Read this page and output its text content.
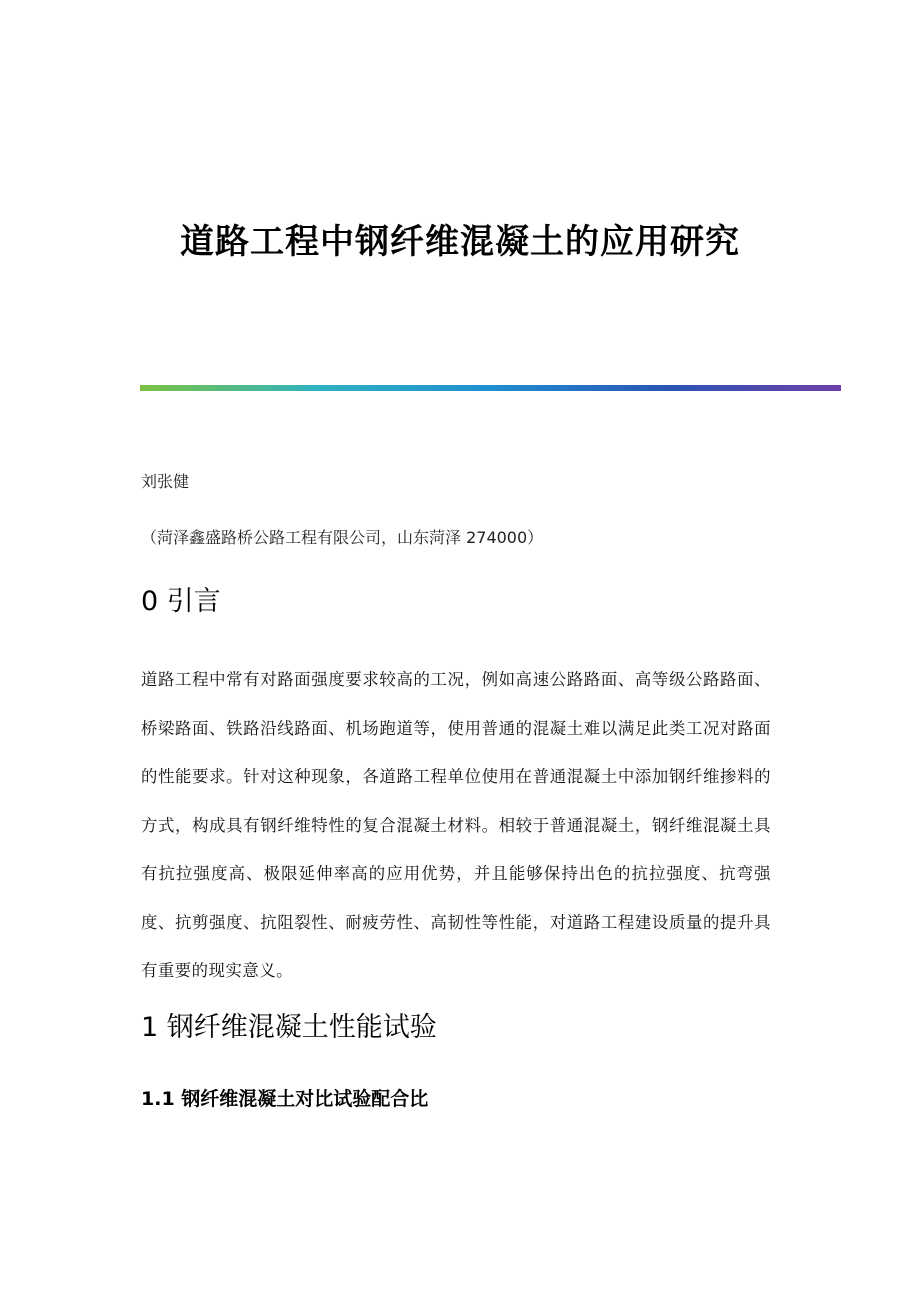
道路工程中钢纤维混凝土的应用研究
刘张健
（菏泽鑫盛路桥公路工程有限公司，山东菏泽 274000）
0 引言

道路工程中常有对路面强度要求较高的工况，例如高速公路路面、高等级公路路面、桥梁路面、铁路沿线路面、机场跑道等，使用普通的混凝土难以满足此类工况对路面的性能要求。针对这种现象，各道路工程单位使用在普通混凝土中添加钢纤维掺料的方式，构成具有钢纤维特性的复合混凝土材料。相较于普通混凝土，钢纤维混凝土具有抗拉强度高、极限延伸率高的应用优势，并且能够保持出色的抗拉强度、抗弯强度、抗剪强度、抗阻裂性、耐疲劳性、高韧性等性能，对道路工程建设质量的提升具有重要的现实意义。

1 钢纤维混凝土性能试验
1.1 钢纤维混凝土对比试验配合比
